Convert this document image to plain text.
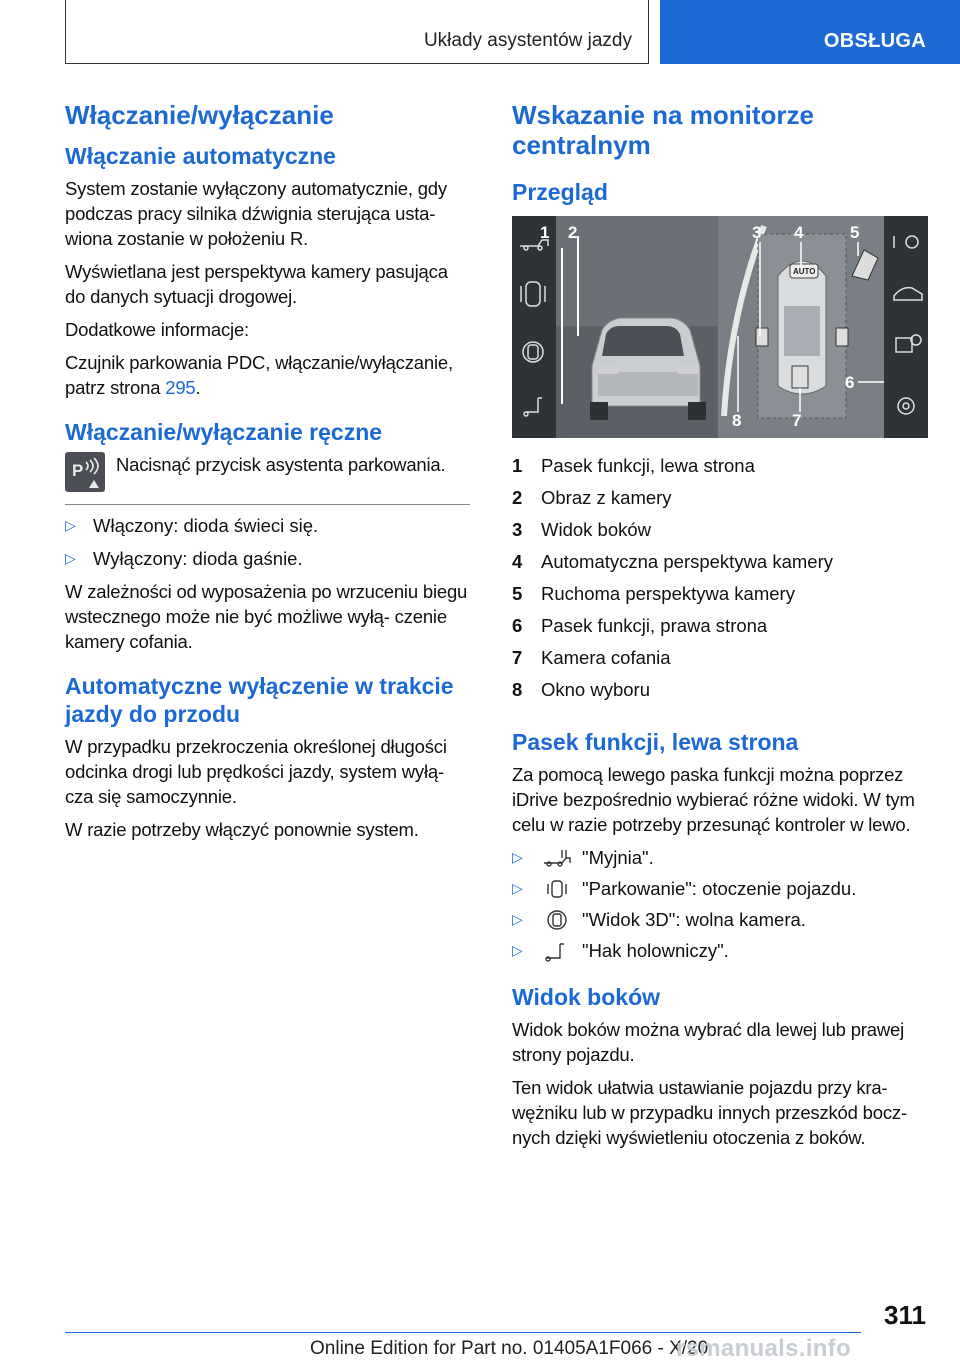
Układy asystentów jazdy	OBSŁUGA
Włączanie/wyłączanie
Włączanie automatyczne

System zostanie wyłączony automatycznie, gdy podczas pracy silnika dźwignia sterująca usta‐ wiona zostanie w położeniu R.

Wyświetlana jest perspektywa kamery pasująca do danych sytuacji drogowej.

Dodatkowe informacje:

Czujnik parkowania PDC, włączanie/wyłączanie, patrz strona 295.

Włączanie/wyłączanie ręczne
P Nacisnąć przycisk asystenta parkowania.

▷ Włączony: dioda świeci się.
▷ Wyłączony: dioda gaśnie.

W zależności od wyposażenia po wrzuceniu biegu wstecznego może nie być możliwe wyłą‐ czenie kamery cofania.

Automatyczne wyłączenie w trakcie jazdy do przodu

W przypadku przekroczenia określonej długości odcinka drogi lub prędkości jazdy, system wyłą‐ cza się samoczynnie.

W razie potrzeby włączyć ponownie system.

Wskazanie na monitorze centralnym
Przegląd
1 2	3 4	5
6
7
8
AUTO
1	Pasek funkcji, lewa strona
2	Obraz z kamery
3	Widok boków
4	Automatyczna perspektywa kamery
5	Ruchoma perspektywa kamery
6	Pasek funkcji, prawa strona
7	Kamera cofania
8	Okno wyboru
Pasek funkcji, lewa strona

Za pomocą lewego paska funkcji można poprzez iDrive bezpośrednio wybierać różne widoki. W tym celu w razie potrzeby przesunąć kontroler w lewo.

▷	"Myjnia".
▷	"Parkowanie": otoczenie pojazdu.
▷	"Widok 3D": wolna kamera.
▷	"Hak holowniczy".
Widok boków

Widok boków można wybrać dla lewej lub prawej strony pojazdu.

Ten widok ułatwia ustawianie pojazdu przy kra‐ wężniku lub w przypadku innych przeszkód bocz‐ nych dzięki wyświetleniu otoczenia z boków.

311
Online Edition for Part no. 01405A1F066 - X/20
rsmanuals.info
